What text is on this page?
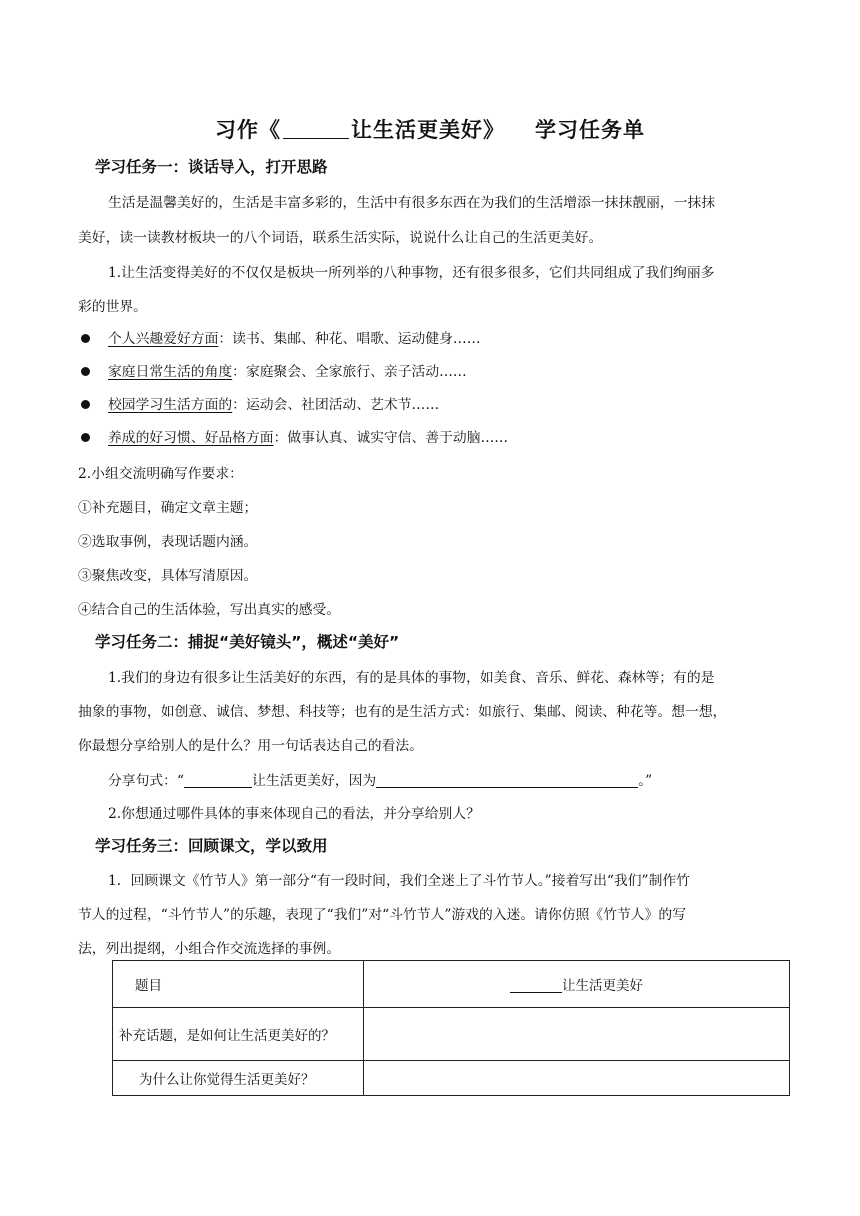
习作《	让生活更美好》 学习任务单
学习任务一：谈话导入，打开思路
生活是温馨美好的，生活是丰富多彩的，生活中有很多东西在为我们的生活增添一抹抹靓丽，一抹抹
美好，读一读教材板块一的八个词语，联系生活实际，说说什么让自己的生活更美好。
1.让生活变得美好的不仅仅是板块一所列举的八种事物，还有很多很多，它们共同组成了我们绚丽多
彩的世界。
个人兴趣爱好方面：读书、集邮、种花、唱歌、运动健身……
家庭日常生活的角度：家庭聚会、全家旅行、亲子活动……
校园学习生活方面的：运动会、社团活动、艺术节……
养成的好习惯、好品格方面：做事认真、诚实守信、善于动脑……
2.小组交流明确写作要求：
①补充题目，确定文章主题；
②选取事例，表现话题内涵。
③聚焦改变，具体写清原因。
④结合自己的生活体验，写出真实的感受。
学习任务二：捕捉“美好镜头”，概述“美好”
1.我们的身边有很多让生活美好的东西，有的是具体的事物，如美食、音乐、鲜花、森林等；有的是
抽象的事物，如创意、诚信、梦想、科技等；也有的是生活方式：如旅行、集邮、阅读、种花等。想一想，
你最想分享给别人的是什么？用一句话表达自己的看法。
分享句式：“	让生活更美好，因为	。”
2.你想通过哪件具体的事来体现自己的看法，并分享给别人？
学习任务三：回顾课文，学以致用
1．回顾课文《竹节人》第一部分“有一段时间，我们全迷上了斗竹节人。”接着写出“我们”制作竹
节人的过程，“斗竹节人”的乐趣，表现了“我们”对“斗竹节人”游戏的入迷。请你仿照《竹节人》的写
法，列出提纲，小组合作交流选择的事例。
题目	让生活更美好
补充话题，是如何让生活更美好的？	
为什么让你觉得生活更美好？	
